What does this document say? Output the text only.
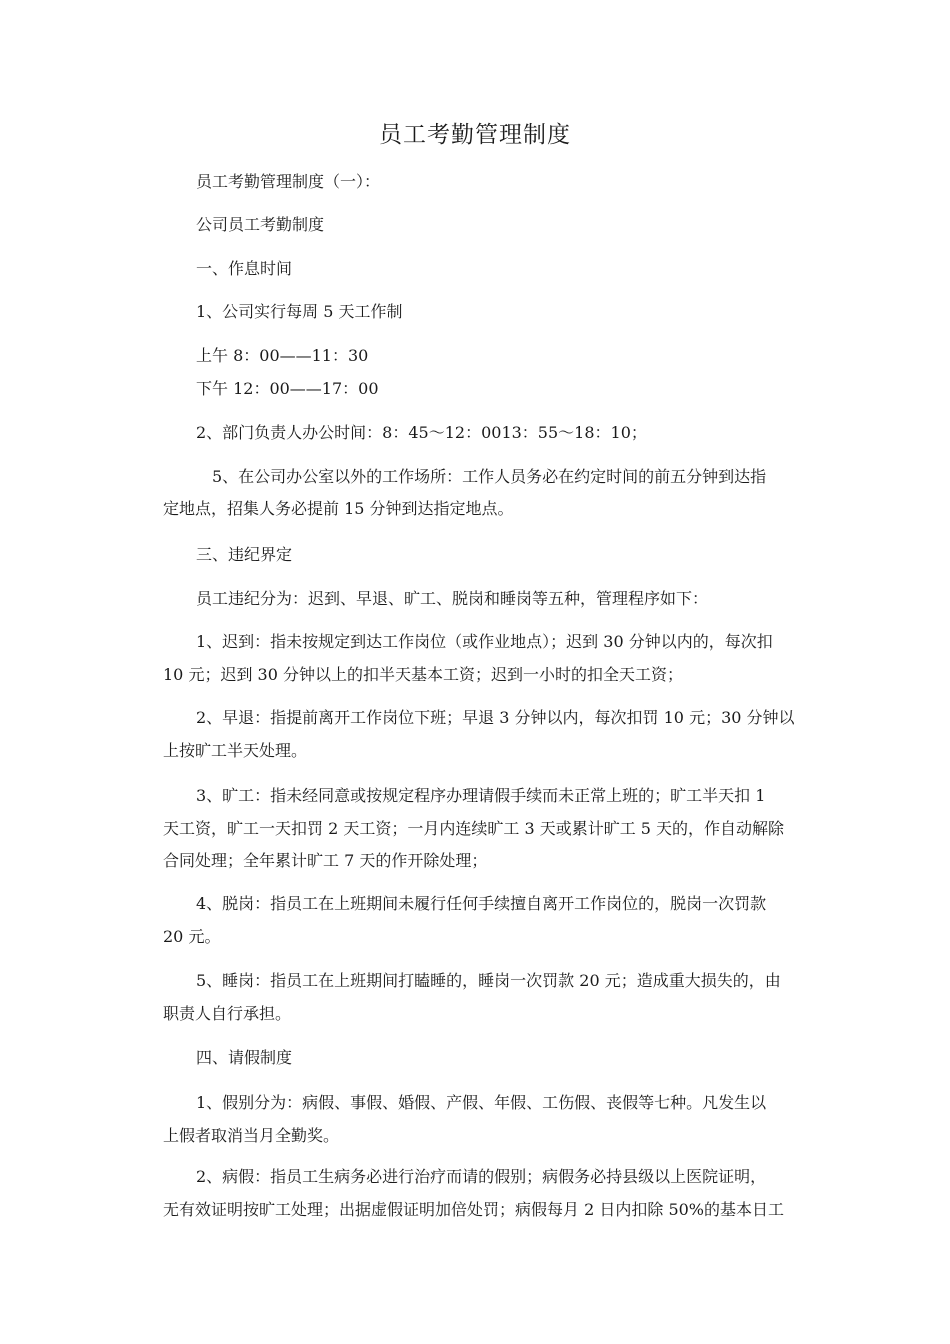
员工考勤管理制度

员工考勤管理制度（一）：

公司员工考勤制度

一、作息时间

1、公司实行每周 5 天工作制

上午 8：00——11：30

下午 12：00——17：00

2、部门负责人办公时间：8：45～12：0013：55～18：10；

5、在公司办公室以外的工作场所：工作人员务必在约定时间的前五分钟到达指

定地点，招集人务必提前 15 分钟到达指定地点。

三、违纪界定

员工违纪分为：迟到、早退、旷工、脱岗和睡岗等五种，管理程序如下：

1、迟到：指未按规定到达工作岗位（或作业地点）；迟到 30 分钟以内的，每次扣

10 元；迟到 30 分钟以上的扣半天基本工资；迟到一小时的扣全天工资；

2、早退：指提前离开工作岗位下班；早退 3 分钟以内，每次扣罚 10 元；30 分钟以

上按旷工半天处理。

3、旷工：指未经同意或按规定程序办理请假手续而未正常上班的；旷工半天扣 1

天工资，旷工一天扣罚 2 天工资；一月内连续旷工 3 天或累计旷工 5 天的，作自动解除

合同处理；全年累计旷工 7 天的作开除处理；

4、脱岗：指员工在上班期间未履行任何手续擅自离开工作岗位的，脱岗一次罚款

20 元。

5、睡岗：指员工在上班期间打瞌睡的，睡岗一次罚款 20 元；造成重大损失的，由

职责人自行承担。

四、请假制度

1、假别分为：病假、事假、婚假、产假、年假、工伤假、丧假等七种。凡发生以

上假者取消当月全勤奖。

2、病假：指员工生病务必进行治疗而请的假别；病假务必持县级以上医院证明，

无有效证明按旷工处理；出据虚假证明加倍处罚；病假每月 2 日内扣除 50%的基本日工
